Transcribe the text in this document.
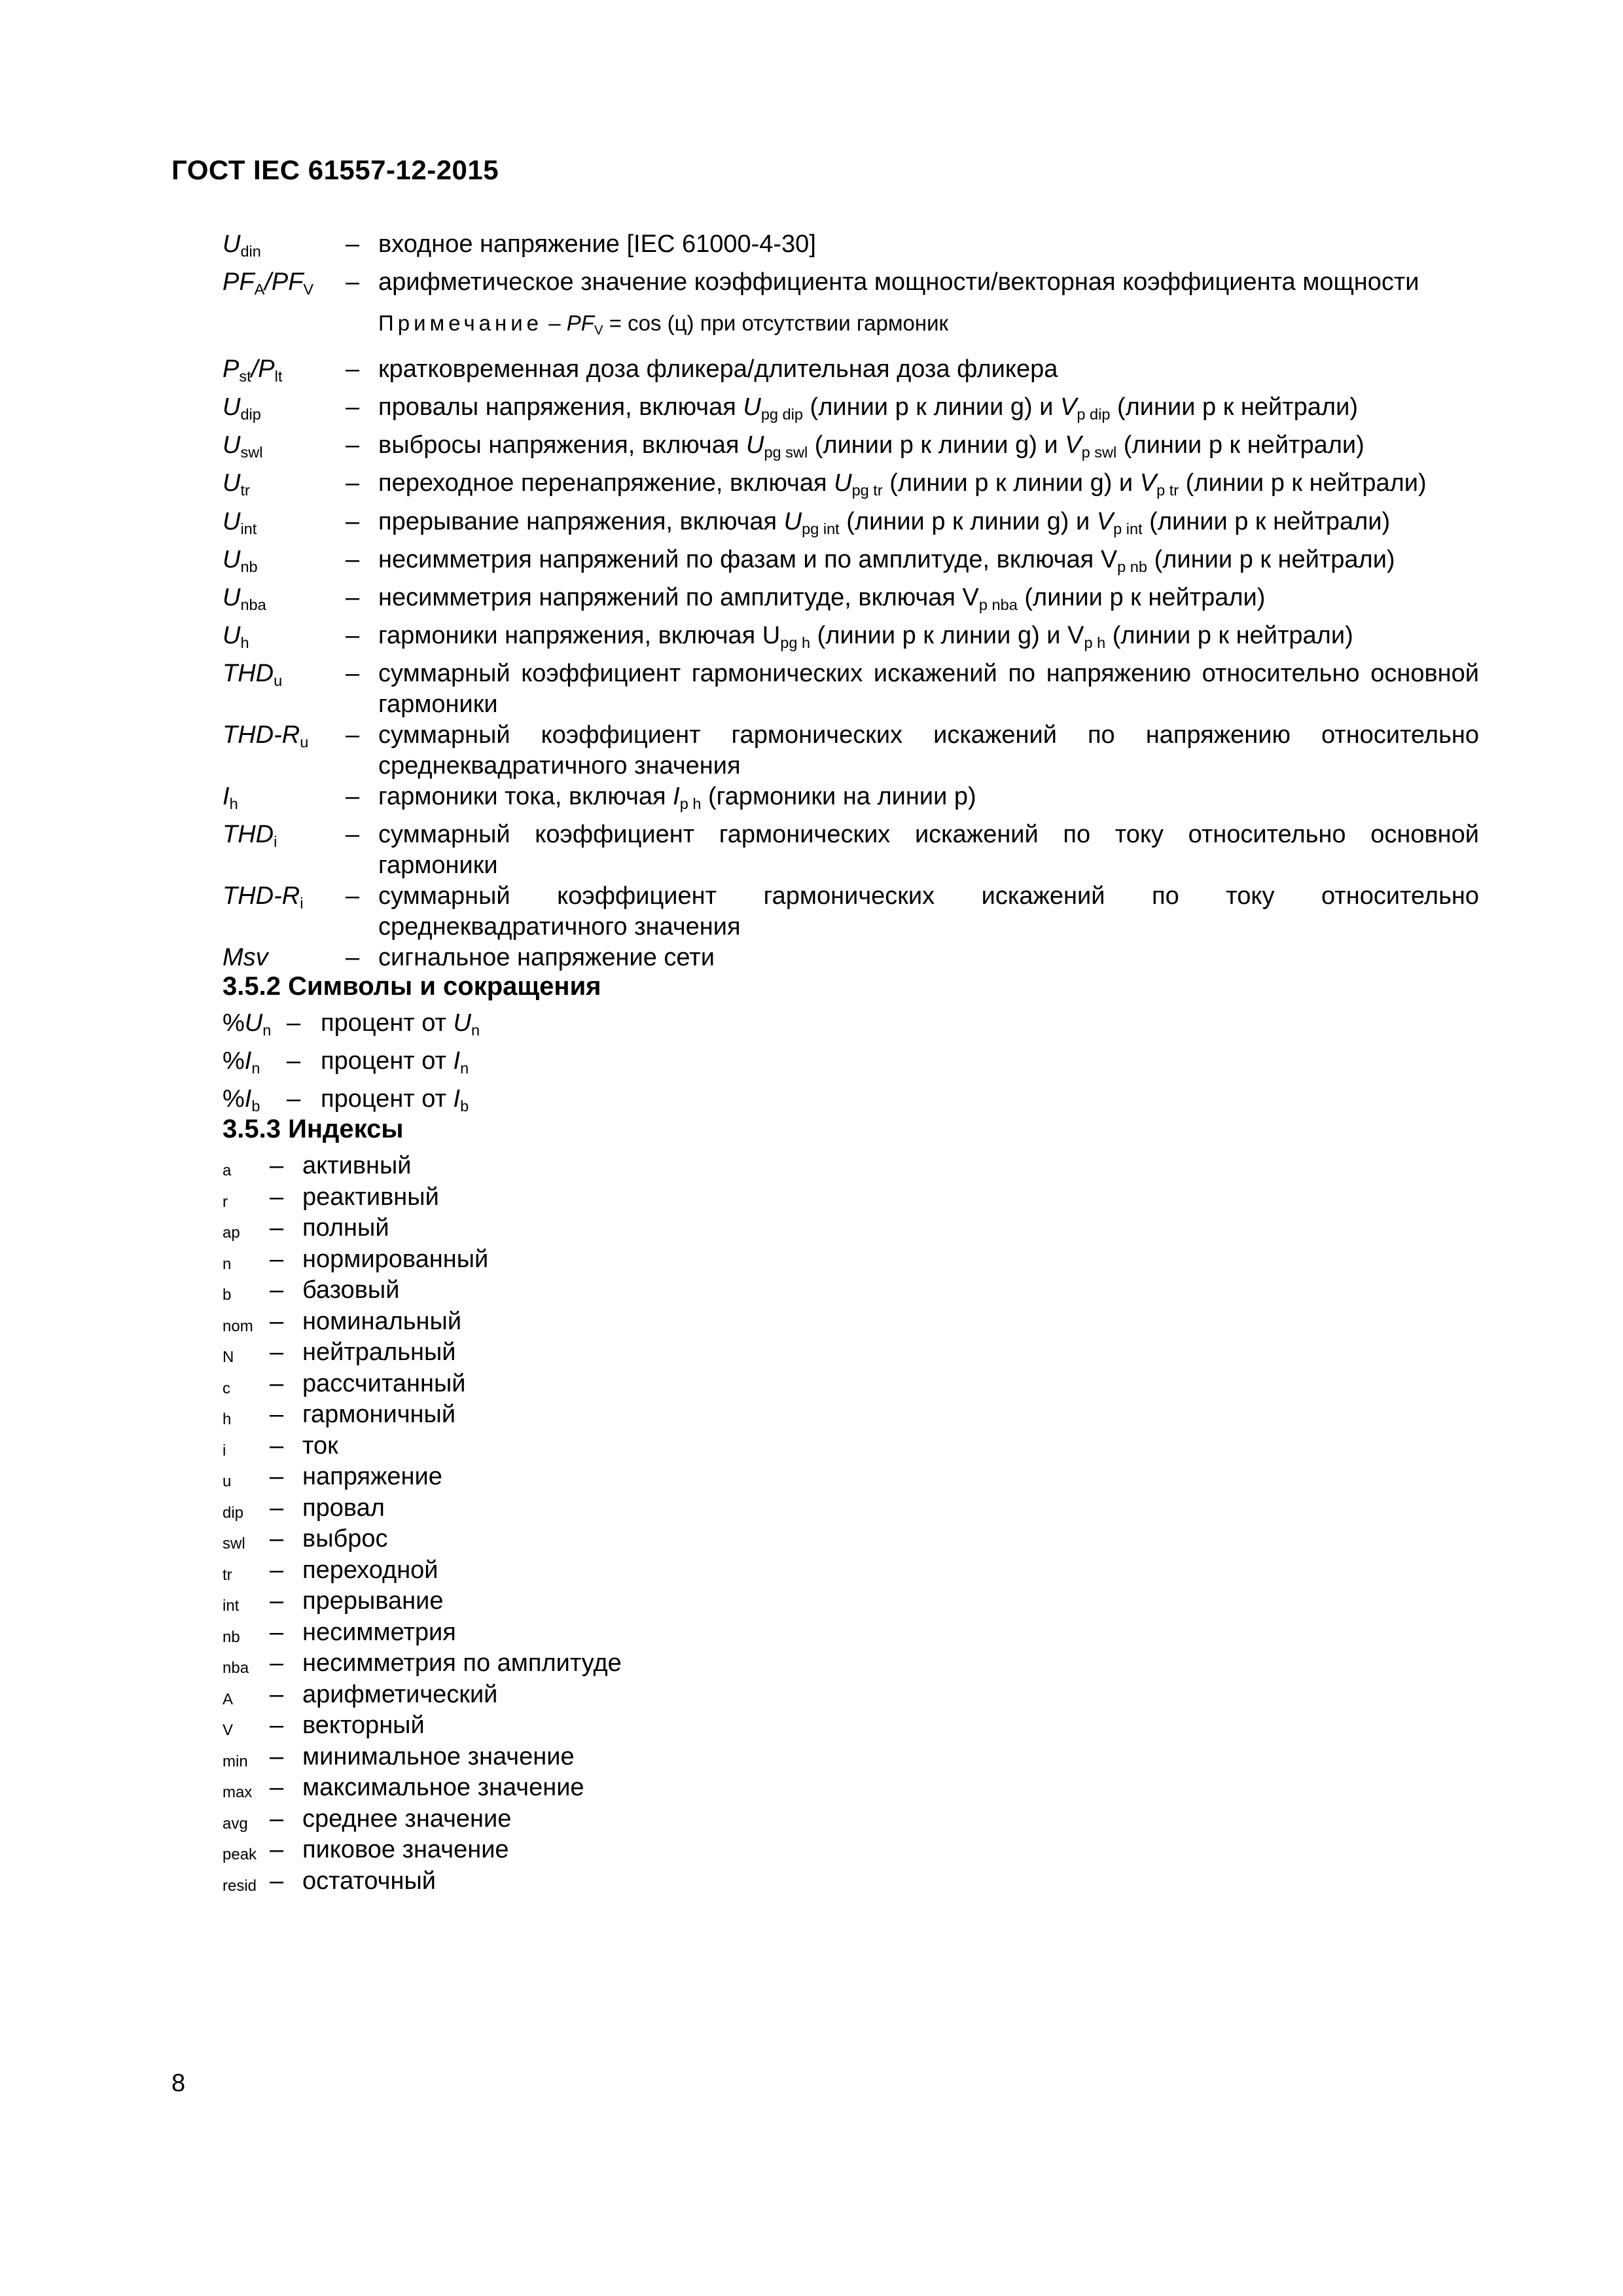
ГОСТ IEC 61557-12-2015
$U_{din}$	– входное напряжение [IEC 61000-4-30]
$PF_A/PF_V$	– арифметическое значение коэффициента мощности/векторная коэффициента мощности
Примечание – $PF_V = \cos (ц)$ при отсутствии гармоник
$P_{st}/P_{lt}$	– кратковременная доза фликера/длительная доза фликера
$U_{dip}$	– провалы напряжения, включая $U_{pg dip}$ (линии p к линии g) и $V_{p dip}$ (линии p к нейтрали)
$U_{swl}$	– выбросы напряжения, включая $U_{pg swl}$ (линии p к линии g) и $V_{p swl}$ (линии p к нейтрали)
$U_{tr}$	– переходное перенапряжение, включая $U_{pg tr}$ (линии p к линии g) и $V_{p tr}$ (линии p к нейтрали)
$U_{int}$	– прерывание напряжения, включая $U_{pg int}$ (линии p к линии g) и $V_{p int}$ (линии p к нейтрали)
$U_{nb}$	– несимметрия напряжений по фазам и по амплитуде, включая $V_{p nb}$ (линии p к нейтрали)
$U_{nba}$	– несимметрия напряжений по амплитуде, включая $V_{p nba}$ (линии p к нейтрали)
$U_h$	– гармоники напряжения, включая $U_{pg h}$ (линии p к линии g) и $V_{p h}$ (линии p к нейтрали)
$THD_u$	– суммарный коэффициент гармонических искажений по напряжению относительно основной гармоники
THD-$R_u$	– суммарный коэффициент гармонических искажений по напряжению относительно среднеквадратичного значения
$I_h$	– гармоники тока, включая $I_{p h}$ (гармоники на линии p)
$THD_i$	– суммарный коэффициент гармонических искажений по току относительно основной гармоники
THD-$R_i$	– суммарный коэффициент гармонических искажений по току относительно среднеквадратичного значения
Msv	– сигнальное напряжение сети
3.5.2 Символы и сокращения
$\%U_n$ – процент от $U_n$
$\%I_n$	– процент от $I_n$
$\%I_b$	– процент от $I_b$
3.5.3 Индексы
a	– активный
r	– реактивный
ap	– полный
n	– нормированный
b	– базовый
nom – номинальный
N	– нейтральный
c	– рассчитанный
h	– гармоничный
i	– ток
u	– напряжение
dip	– провал
swl – выброс
tr	– переходной
int	– прерывание
nb	– несимметрия
nba – несимметрия по амплитуде
A	– арифметический
V	– векторный
min – минимальное значение
max – максимальное значение
avg – среднее значение
peak – пиковое значение
resid – остаточный
8
